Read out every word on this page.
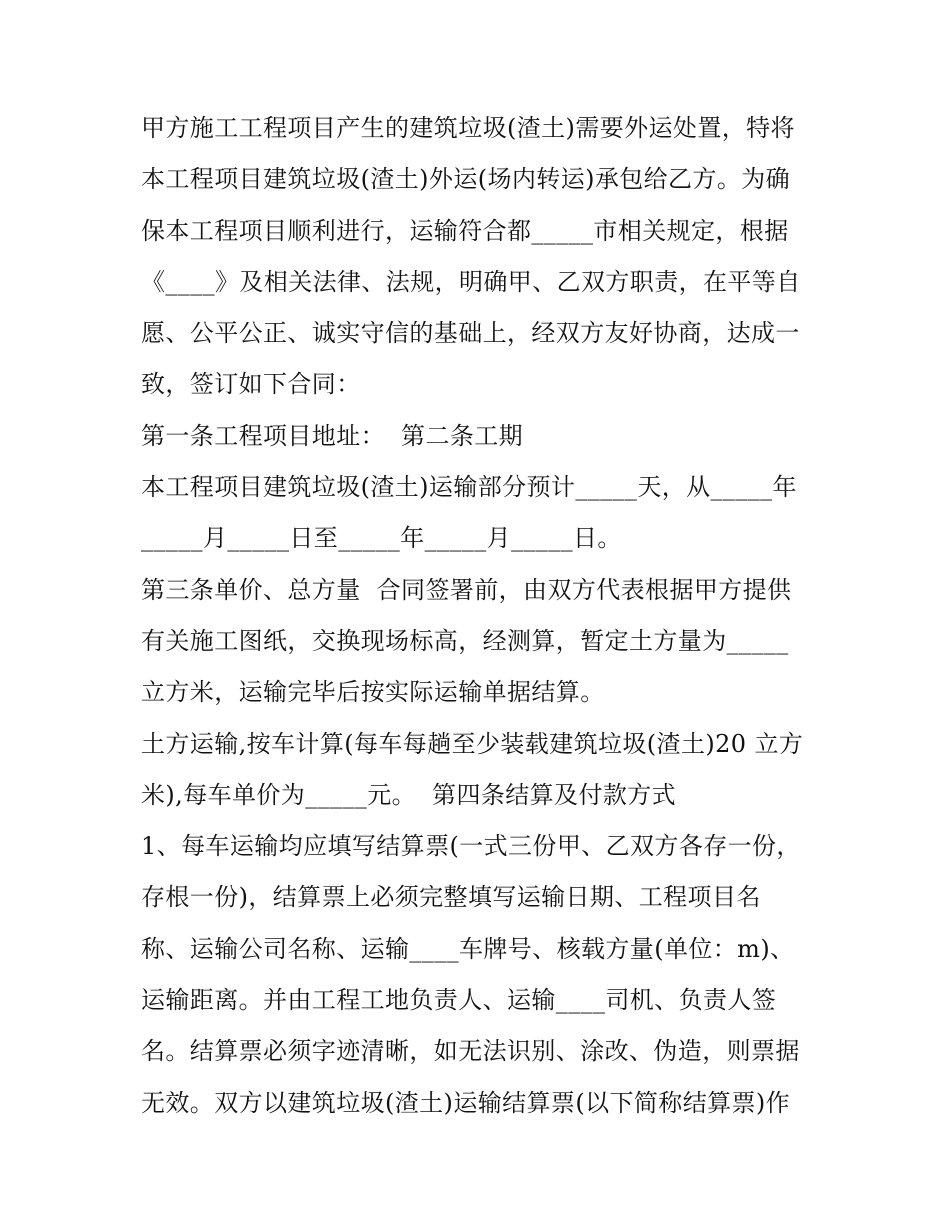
甲方施工工程项目产生的建筑垃圾(渣土)需要外运处置，特将
本工程项目建筑垃圾(渣土)外运(场内转运)承包给乙方。为确
保本工程项目顺利进行，运输符合都_____市相关规定，根据
《____》及相关法律、法规，明确甲、乙双方职责，在平等自
愿、公平公正、诚实守信的基础上，经双方友好协商，达成一
致，签订如下合同：
第一条工程项目地址：  第二条工期
本工程项目建筑垃圾(渣土)运输部分预计_____天，从_____年
_____月_____日至_____年_____月_____日。
第三条单价、总方量  合同签署前，由双方代表根据甲方提供
有关施工图纸，交换现场标高，经测算，暂定土方量为_____
立方米，运输完毕后按实际运输单据结算。
土方运输,按车计算(每车每趟至少装载建筑垃圾(渣土)20 立方
米),每车单价为_____元。  第四条结算及付款方式
1、每车运输均应填写结算票(一式三份甲、乙双方各存一份，
存根一份)，结算票上必须完整填写运输日期、工程项目名
称、运输公司名称、运输____车牌号、核载方量(单位：m)、
运输距离。并由工程工地负责人、运输____司机、负责人签
名。结算票必须字迹清晰，如无法识别、涂改、伪造，则票据
无效。双方以建筑垃圾(渣土)运输结算票(以下简称结算票)作
